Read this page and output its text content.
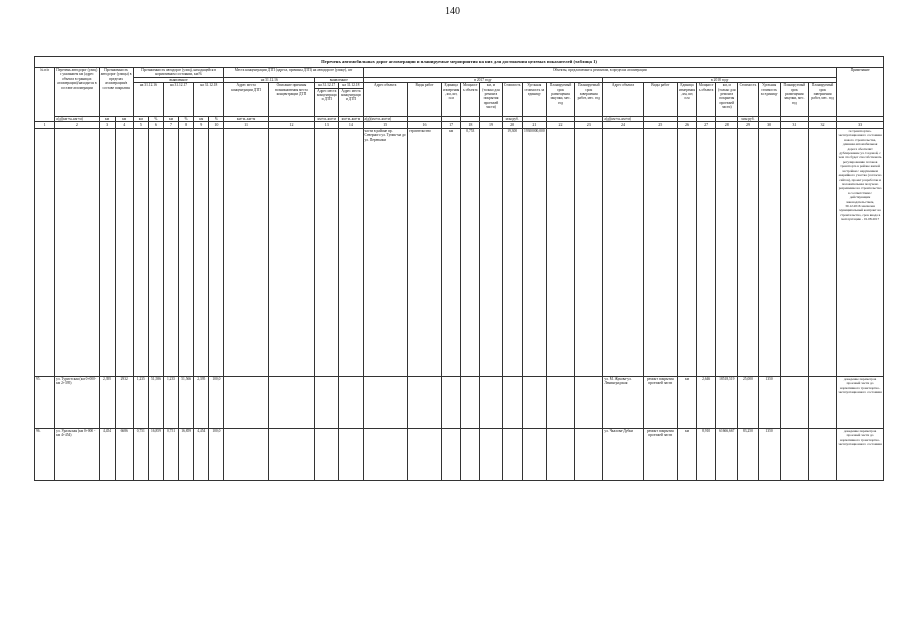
140
Перечень автомобильных дорог агломерации и планируемые мероприятия на них для достижения целевых показателей (таблица 1)																																
№ п/п	Перечень автодорог (улиц) с указанием км (адрес объекта в границах агломерации)/находятся в составе агломерации	Протяженность автодорог (улицы) в пределах агломерации/в составе покрытия		Протяженность автодорог (улиц), находящейся в нормативном состоянии, км/%						Места концентрации ДТП (адреса, причины ДТП) на автодороге (улице), шт				Объекты, предлагаемые к ремонтам, в пределах агломерации																		Примечание
				выявленное						на 31.12.16		выявленное		в 2017 году									в 2018 году									
				на 31.12.16		на 31.12.17		на 31.12.18		Адрес места концентрации ДТП	Описание причины возникновения места концентрации ДТП	на 31.12.17	на 31.12.18	Адрес объекта	Виды работ	Единица измерения, км, шт, п.м	Мощность объекта	км, м (только для ремонта покрытия проезжей части)	Стоимость	Удельная стоимость за единицу	Планируемый срок размещения закупки, мес. год	Планируемый срок завершения работ, мес. год	Адрес объекта	Виды работ	Единица измерения, км, шт, п.м	Мощность объекта	км, м (только для ремонта покрытия проезжей части)	Стоимость	Удельная стоимость за единицу	Планируемый срок размещения закупки, мес. год	Планируемый срок завершения работ, мес. год	
												Адрес места концентрации ДТП	Адрес места концентрации ДТП																			
	а(д)(км+м–км+м)	км	км	км	%	км	%	км	%	км+м–км+м		км+м–км+м	км+м–км+м	а(д)(км+м–км+м)					млн руб.				а(д)(км+м–км+м)					млн руб.				
1	2	3	4	5	6	7	8	9	10	11	12	13	14	15	16	17	18	19	20	21	22	23	24	25	26	27	28	29	30	31	32	33
														части в районе пр. Северного ул. Тупик-ма до ул. Перевалки	строительство	км	0,753		19,300	19300000,000												ru транспортно-эксплуатационного состояния нового строительства, длинная автомобильная дорога обеспечит дублирование ул. Садовой, с чем что будет способствовать регулированию потоков транспорта в районе жилой застройки с нарушением аварийного участка (согласно сайтов), проект разработан и положительная получено разрешение на строительство в соответствии с действующим законодательством, 30.12.2016 заключен муниципальный контракт на строительство, срок ввода в эксплуатацию - 01.08.2017
95.	ул. Туристская (км 0+000-км 2+395)	2,395	2932	1,235	51,586	1,235	51,566	2,395	100,0														ул. М. Жукова-ул. Ленинградская	ремонт покрытия проезжей части	км	2,646	18518,519	25,000	1350			доведение параметров проезжей части до нормативного транспортно-эксплуатационного состояния
96.	ул. Уральская (км 0+000 - км 4+454)	4,454	6686	0,751	16,859	0,751	16,859	4,454	100,0														ул. Чкалова-Дубки	ремонт покрытия проезжей части	км	8,910	61666,667	83,250	1350			доведение параметров проезжей части до нормативного транспортно-эксплуатационного состояния
